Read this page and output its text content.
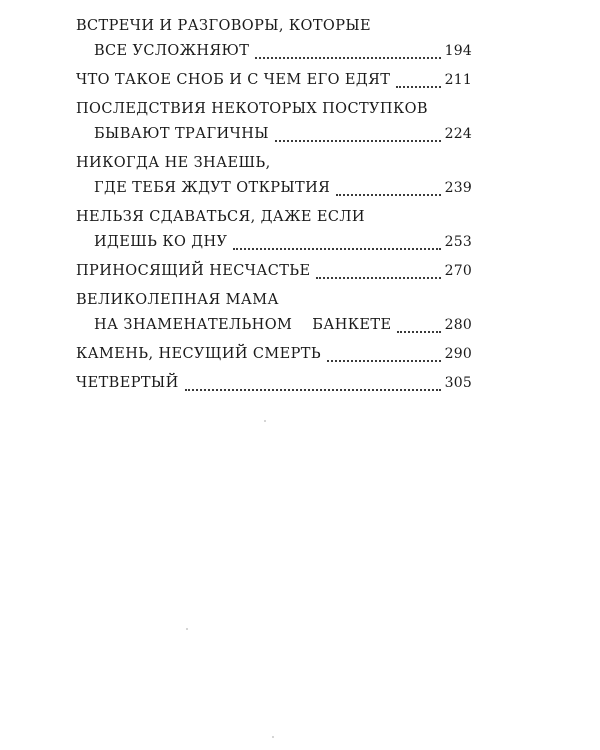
ВСТРЕЧИ И РАЗГОВОРЫ, КОТОРЫЕ
ВСЕ УСЛОЖНЯЮТ	194
ЧТО ТАКОЕ СНОБ И С ЧЕМ ЕГО ЕДЯТ	211
ПОСЛЕДСТВИЯ НЕКОТОРЫХ ПОСТУПКОВ
БЫВАЮТ ТРАГИЧНЫ	224
НИКОГДА НЕ ЗНАЕШЬ,
ГДЕ ТЕБЯ ЖДУТ ОТКРЫТИЯ	239
НЕЛЬЗЯ СДАВАТЬСЯ, ДАЖЕ ЕСЛИ
ИДЕШЬ КО ДНУ	253
ПРИНОСЯЩИЙ НЕСЧАСТЬЕ	270
ВЕЛИКОЛЕПНАЯ МАМА
НА ЗНАМЕНАТЕЛЬНОМ    БАНКЕТЕ	280
КАМЕНЬ, НЕСУЩИЙ СМЕРТЬ	290
ЧЕТВЕРТЫЙ	305
